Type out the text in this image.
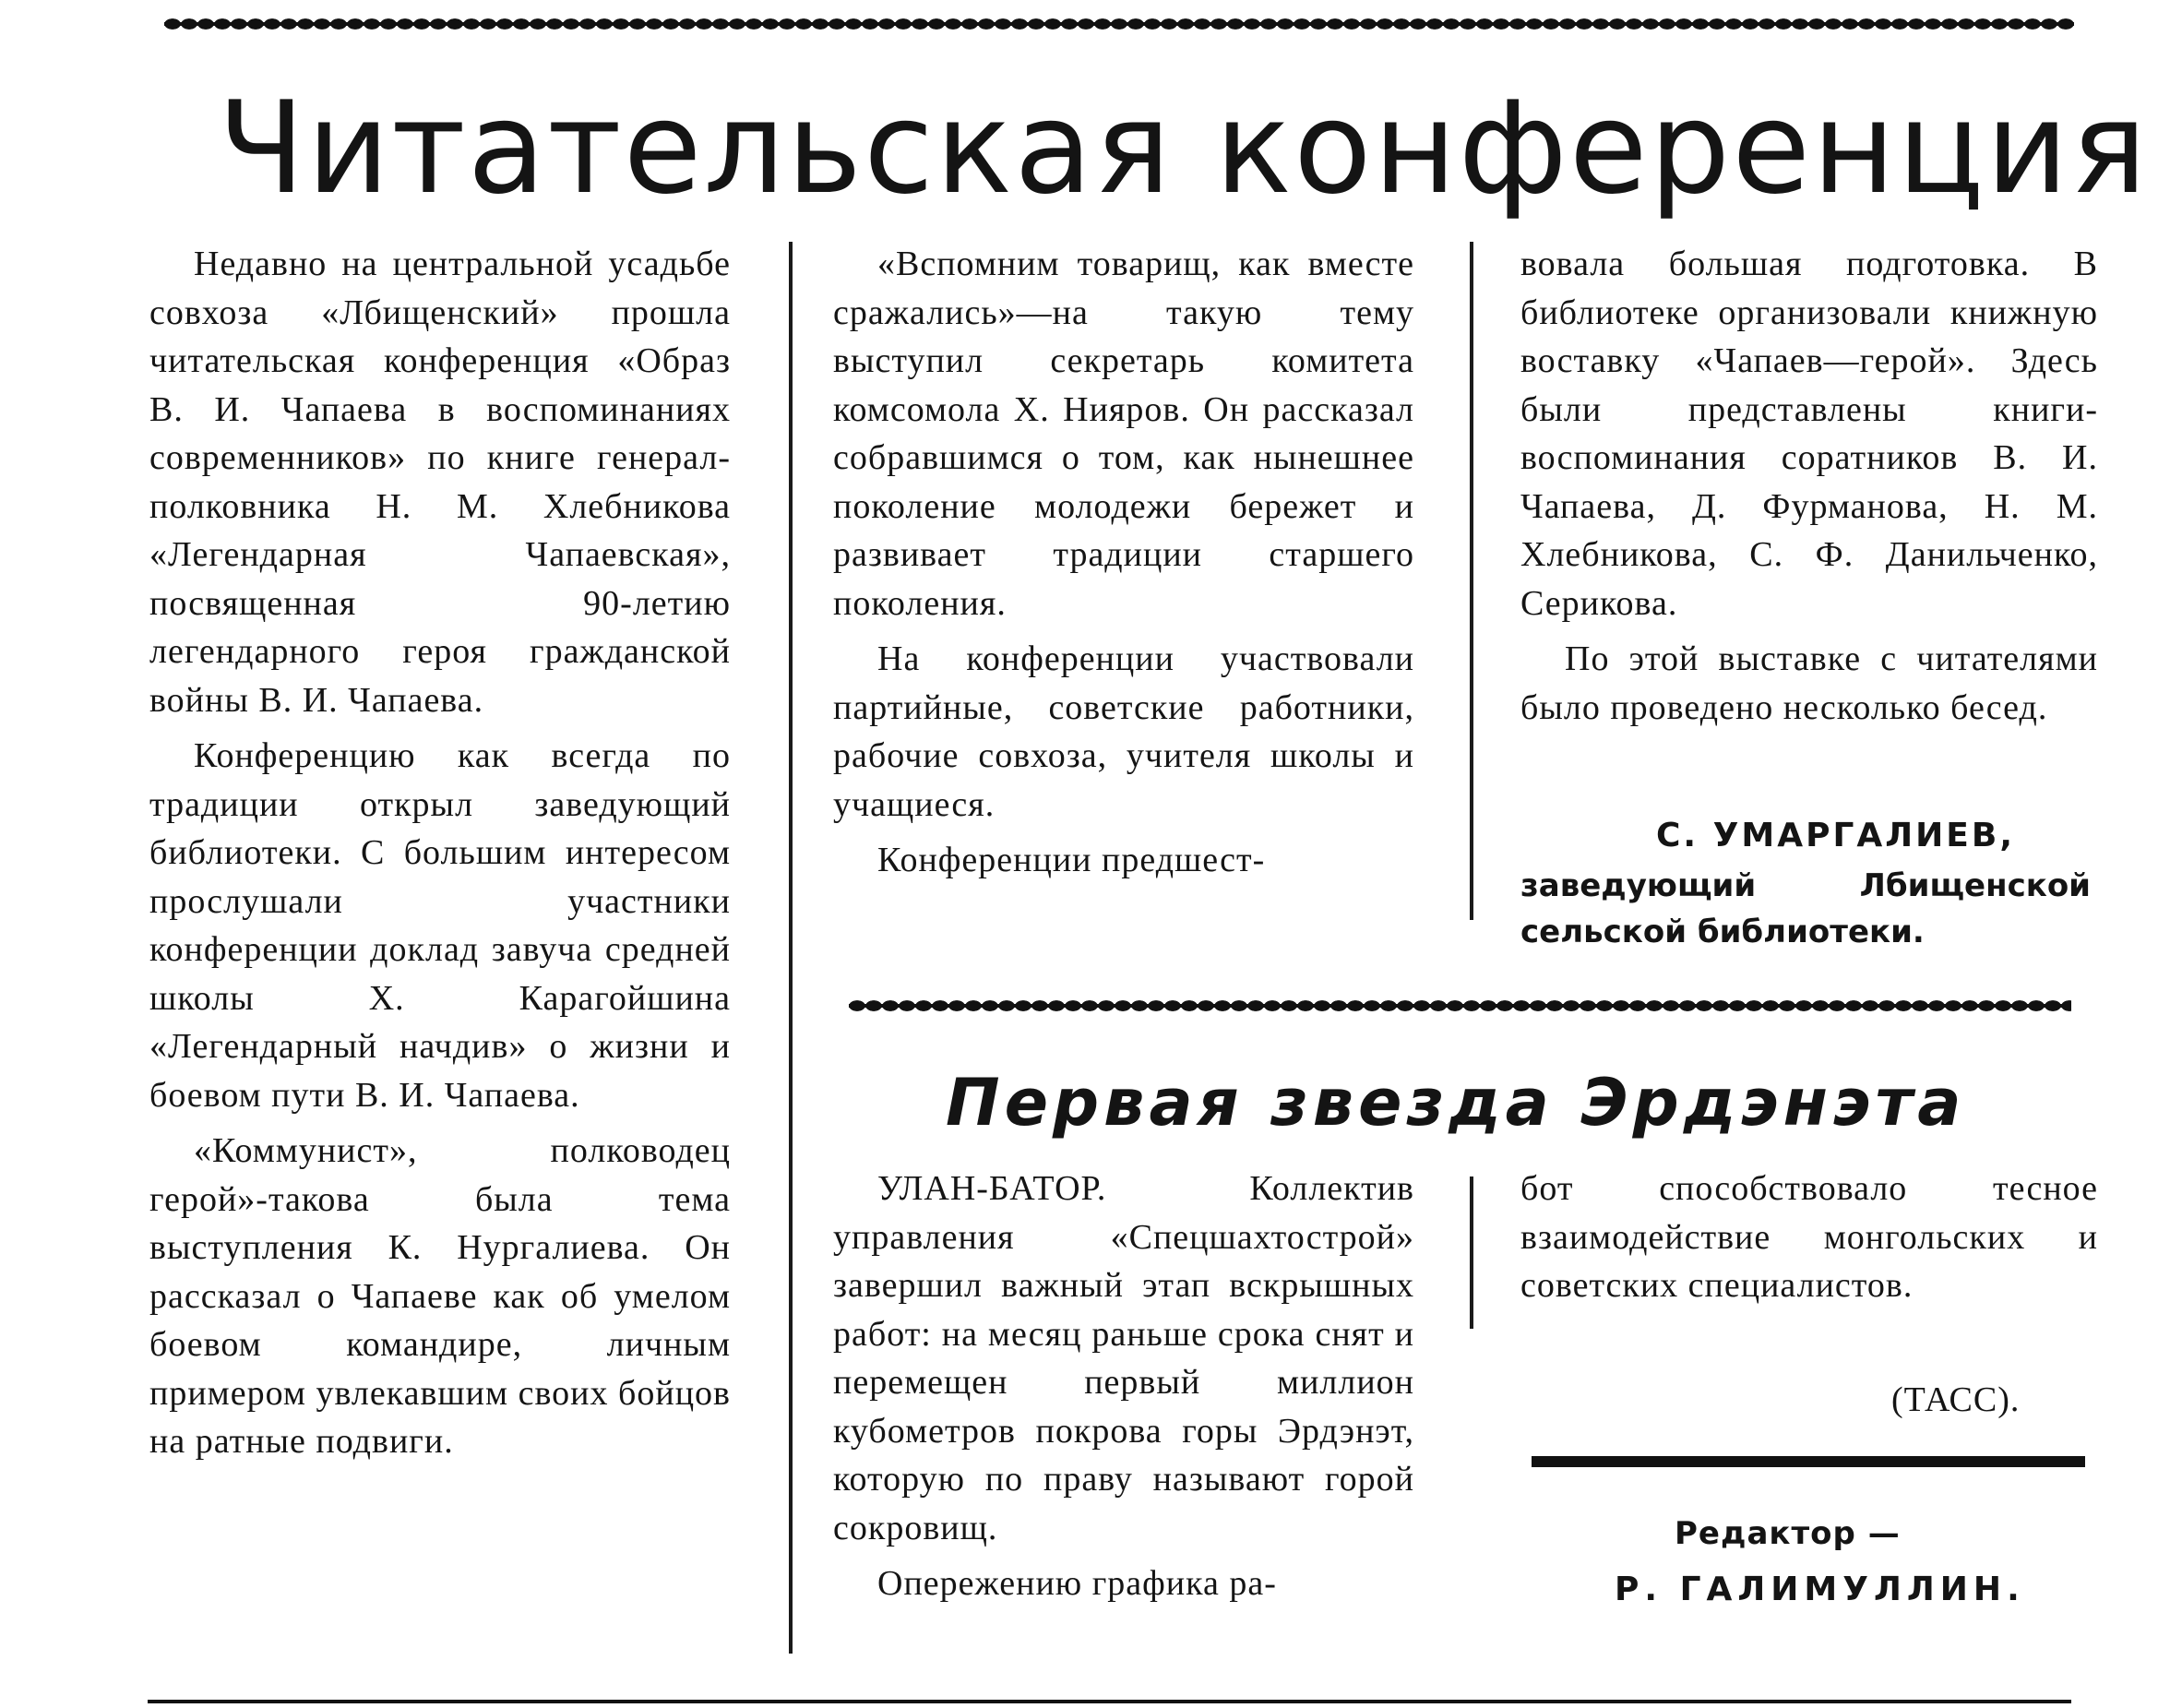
Читательская конференция

Недавно на центральной усадьбе совхоза «Лбищенский» прошла читательская конференция «Образ В. И. Чапаева в воспоминаниях современников» по книге генерал-полковника Н. М. Хлебникова «Легендарная Чапаевская», посвященная 90-летию легендарного героя гражданской войны В. И. Чапаева.

Конференцию как всегда по традиции открыл заведующий библиотеки. С большим интересом прослушали участники конференции доклад завуча средней школы Х. Карагойшина «Легендарный начдив» о жизни и боевом пути В. И. Чапаева.

«Коммунист», полководец герой»-такова была тема выступления К. Нургалиева. Он рассказал о Чапаеве как об умелом боевом командире, личным примером увлекавшим своих бойцов на ратные подвиги.

«Вспомним товарищ, как вместе сражались»—на такую тему выступил секретарь комитета комсомола Х. Нияров. Он рассказал собравшимся о том, как нынешнее поколение молодежи бережет и развивает традиции старшего поколения.

На конференции участвовали партийные, советские работники, рабочие совхоза, учителя школы и учащиеся.

Конференции предшест-

вовала большая подготовка. В библиотеке организовали книжную воставку «Чапаев—герой». Здесь были представлены книги-воспоминания соратников В. И. Чапаева, Д. Фурманова, Н. М. Хлебникова, С. Ф. Данильченко, Серикова.

По этой выставке с читателями было проведено несколько бесед.

С. УМАРГАЛИЕВ,
заведующий Лбищенской сельской библиотеки.
Первая звезда Эрдэнэта

УЛАН-БАТОР. Коллектив управления «Спецшахтострой» завершил важный этап вскрышных работ: на месяц раньше срока снят и перемещен первый миллион кубометров покрова горы Эрдэнэт, которую по праву называют горой сокровищ.

Опережению графика ра-

бот способствовало тесное взаимодействие монгольских и советских специалистов.

(ТАСС).
Редактор —
Р. ГАЛИМУЛЛИН.
